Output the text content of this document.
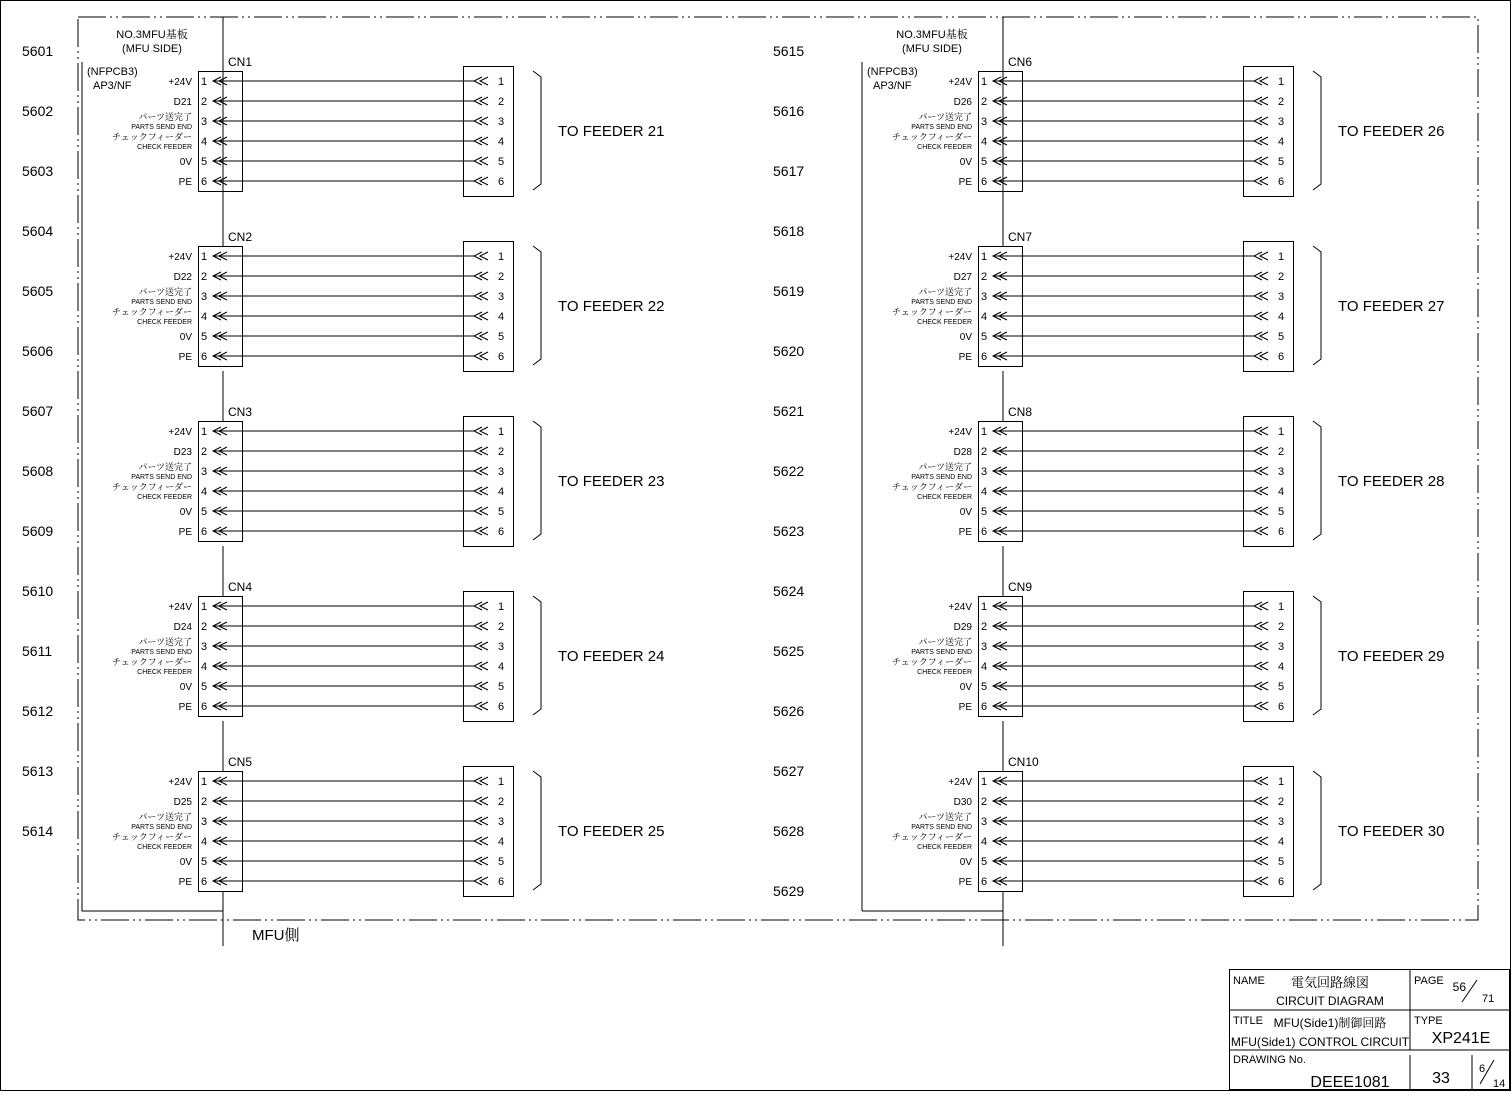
5601
5602
5603
5604
5605
5606
5607
5608
5609
5610
5611
5612
5613
5614
5615
5616
5617
5618
5619
5620
5621
5622
5623
5624
5625
5626
5627
5628
5629
NO.3MFU基板
(MFU SIDE)
(NFPCB3)
AP3/NF
NO.3MFU基板
(MFU SIDE)
(NFPCB3)
AP3/NF
CN1
TO FEEDER 21
1	1
2	2
3	3
4	4
5	5
6	6
+24V
D21
パーツ送完了
PARTS SEND END
チェックフィーダー
CHECK FEEDER
0V
PE
CN2
TO FEEDER 22
1	1
2	2
3	3
4	4
5	5
6	6
+24V
D22
パーツ送完了
PARTS SEND END
チェックフィーダー
CHECK FEEDER
0V
PE
CN3
TO FEEDER 23
1	1
2	2
3	3
4	4
5	5
6	6
+24V
D23
パーツ送完了
PARTS SEND END
チェックフィーダー
CHECK FEEDER
0V
PE
CN4
TO FEEDER 24
1	1
2	2
3	3
4	4
5	5
6	6
+24V
D24
パーツ送完了
PARTS SEND END
チェックフィーダー
CHECK FEEDER
0V
PE
CN5
TO FEEDER 25
1	1
2	2
3	3
4	4
5	5
6	6
+24V
D25
パーツ送完了
PARTS SEND END
チェックフィーダー
CHECK FEEDER
0V
PE
CN6
TO FEEDER 26
1	1
2	2
3	3
4	4
5	5
6	6
+24V
D26
パーツ送完了
PARTS SEND END
チェックフィーダー
CHECK FEEDER
0V
PE
CN7
TO FEEDER 27
1	1
2	2
3	3
4	4
5	5
6	6
+24V
D27
パーツ送完了
PARTS SEND END
チェックフィーダー
CHECK FEEDER
0V
PE
CN8
TO FEEDER 28
1	1
2	2
3	3
4	4
5	5
6	6
+24V
D28
パーツ送完了
PARTS SEND END
チェックフィーダー
CHECK FEEDER
0V
PE
CN9
TO FEEDER 29
1	1
2	2
3	3
4	4
5	5
6	6
+24V
D29
パーツ送完了
PARTS SEND END
チェックフィーダー
CHECK FEEDER
0V
PE
CN10
TO FEEDER 30
1	1
2	2
3	3
4	4
5	5
6	6
+24V
D30
パーツ送完了
PARTS SEND END
チェックフィーダー
CHECK FEEDER
0V
PE
MFU側
NAME 電気回路線図
CIRCUIT DIAGRAM
PAGE 56
71
TITLE MFU(Side1)制御回路
MFU(Side1) CONTROL CIRCUIT
TYPE
XP241E
DRAWING No.
DEEE1081	33
6
14
